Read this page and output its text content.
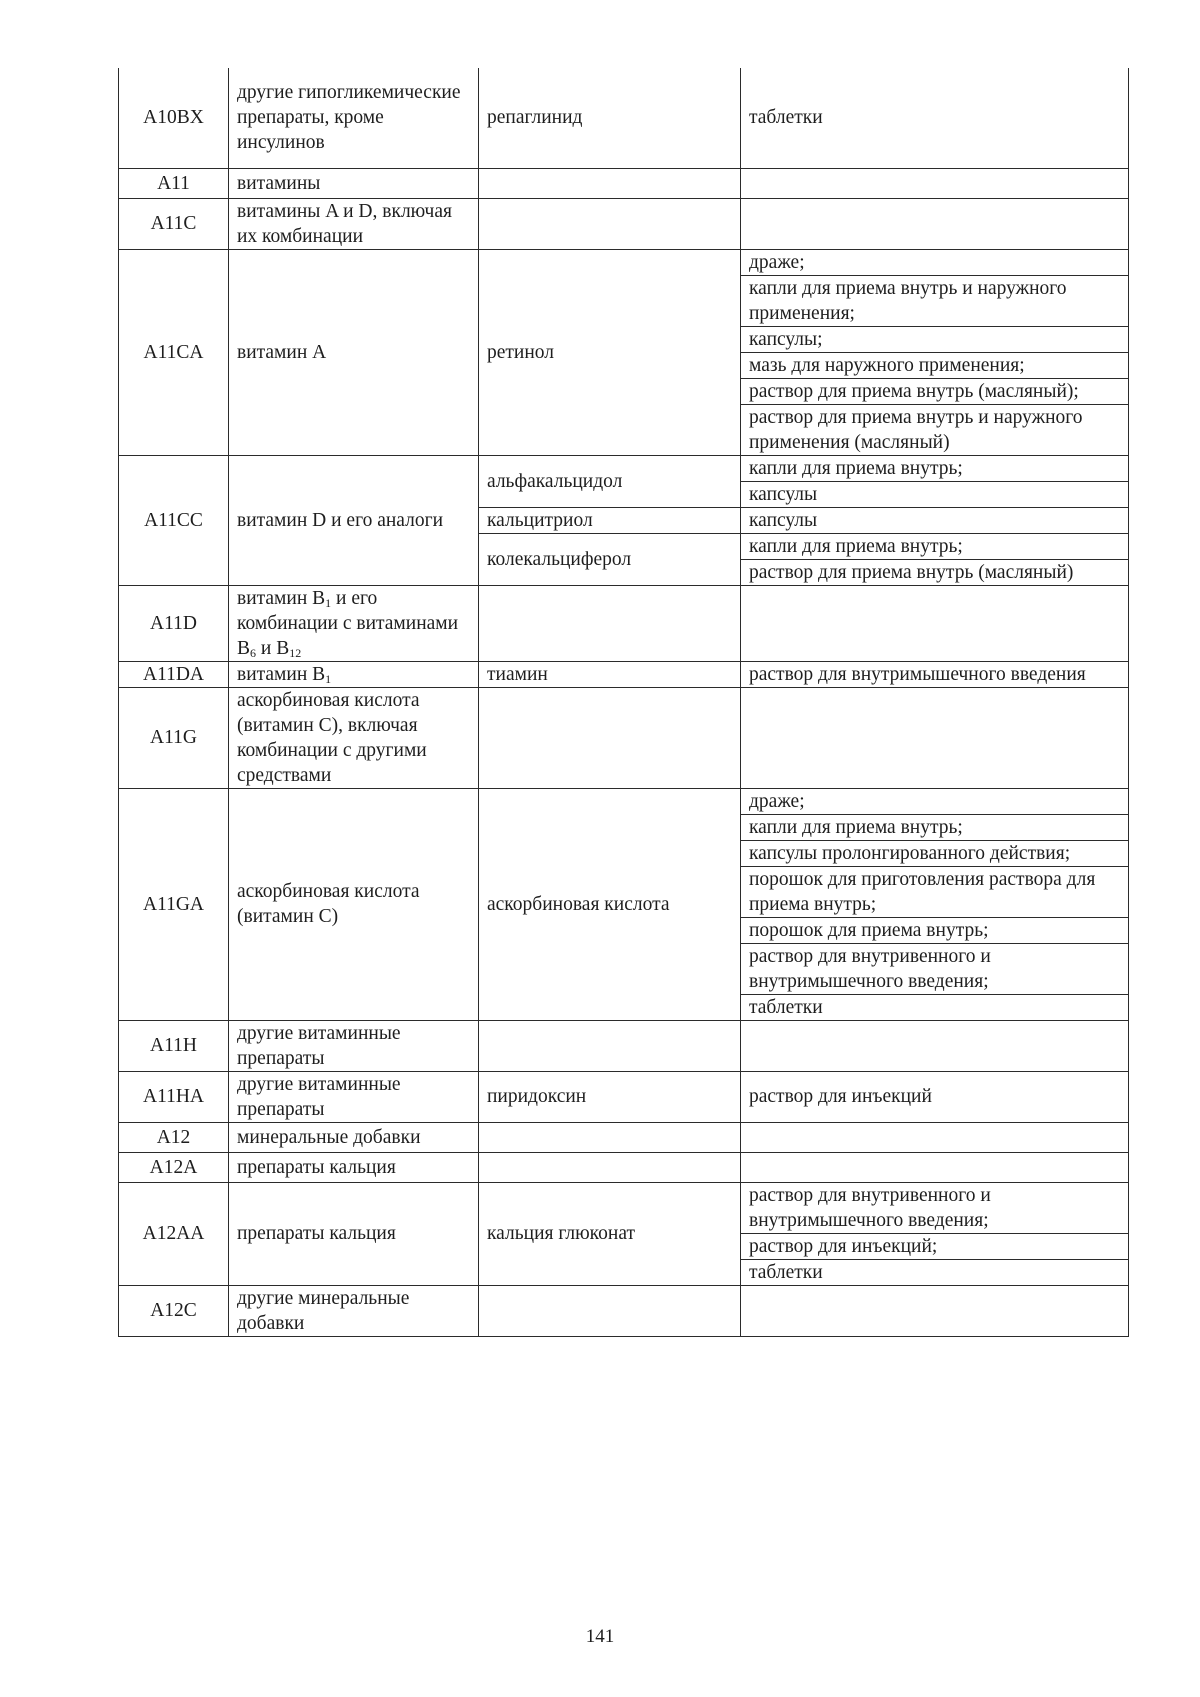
A10BX	другие гипогликемические препараты, кроме инсулинов	репаглинид	таблетки
A11	витамины		
A11C	витамины A и D, включая их комбинации		
A11CA	витамин A	ретинол	драже;
			капли для приема внутрь и наружного применения;
			капсулы;
			мазь для наружного применения;
			раствор для приема внутрь (масляный);
			раствор для приема внутрь и наружного применения (масляный)
A11CC	витамин D и его аналоги	альфакальцидол	капли для приема внутрь;
			капсулы
		кальцитриол	капсулы
		колекальциферол	капли для приема внутрь;
			раствор для приема внутрь (масляный)
A11D	витамин $B_1$ и его комбинации с витаминами $B_6$ и $B_{12}$		
A11DA	витамин $B_1$	тиамин	раствор для внутримышечного введения
A11G	аскорбиновая кислота (витамин C), включая комбинации с другими средствами		
A11GA	аскорбиновая кислота (витамин C)	аскорбиновая кислота	драже;
			капли для приема внутрь;
			капсулы пролонгированного действия;
			порошок для приготовления раствора для приема внутрь;
			порошок для приема внутрь;
			раствор для внутривенного и внутримышечного введения;
			таблетки
A11H	другие витаминные препараты		
A11HA	другие витаминные препараты	пиридоксин	раствор для инъекций
A12	минеральные добавки		
A12A	препараты кальция		
A12AA	препараты кальция	кальция глюконат	раствор для внутривенного и внутримышечного введения;
			раствор для инъекций;
			таблетки
A12C	другие минеральные добавки		
141
